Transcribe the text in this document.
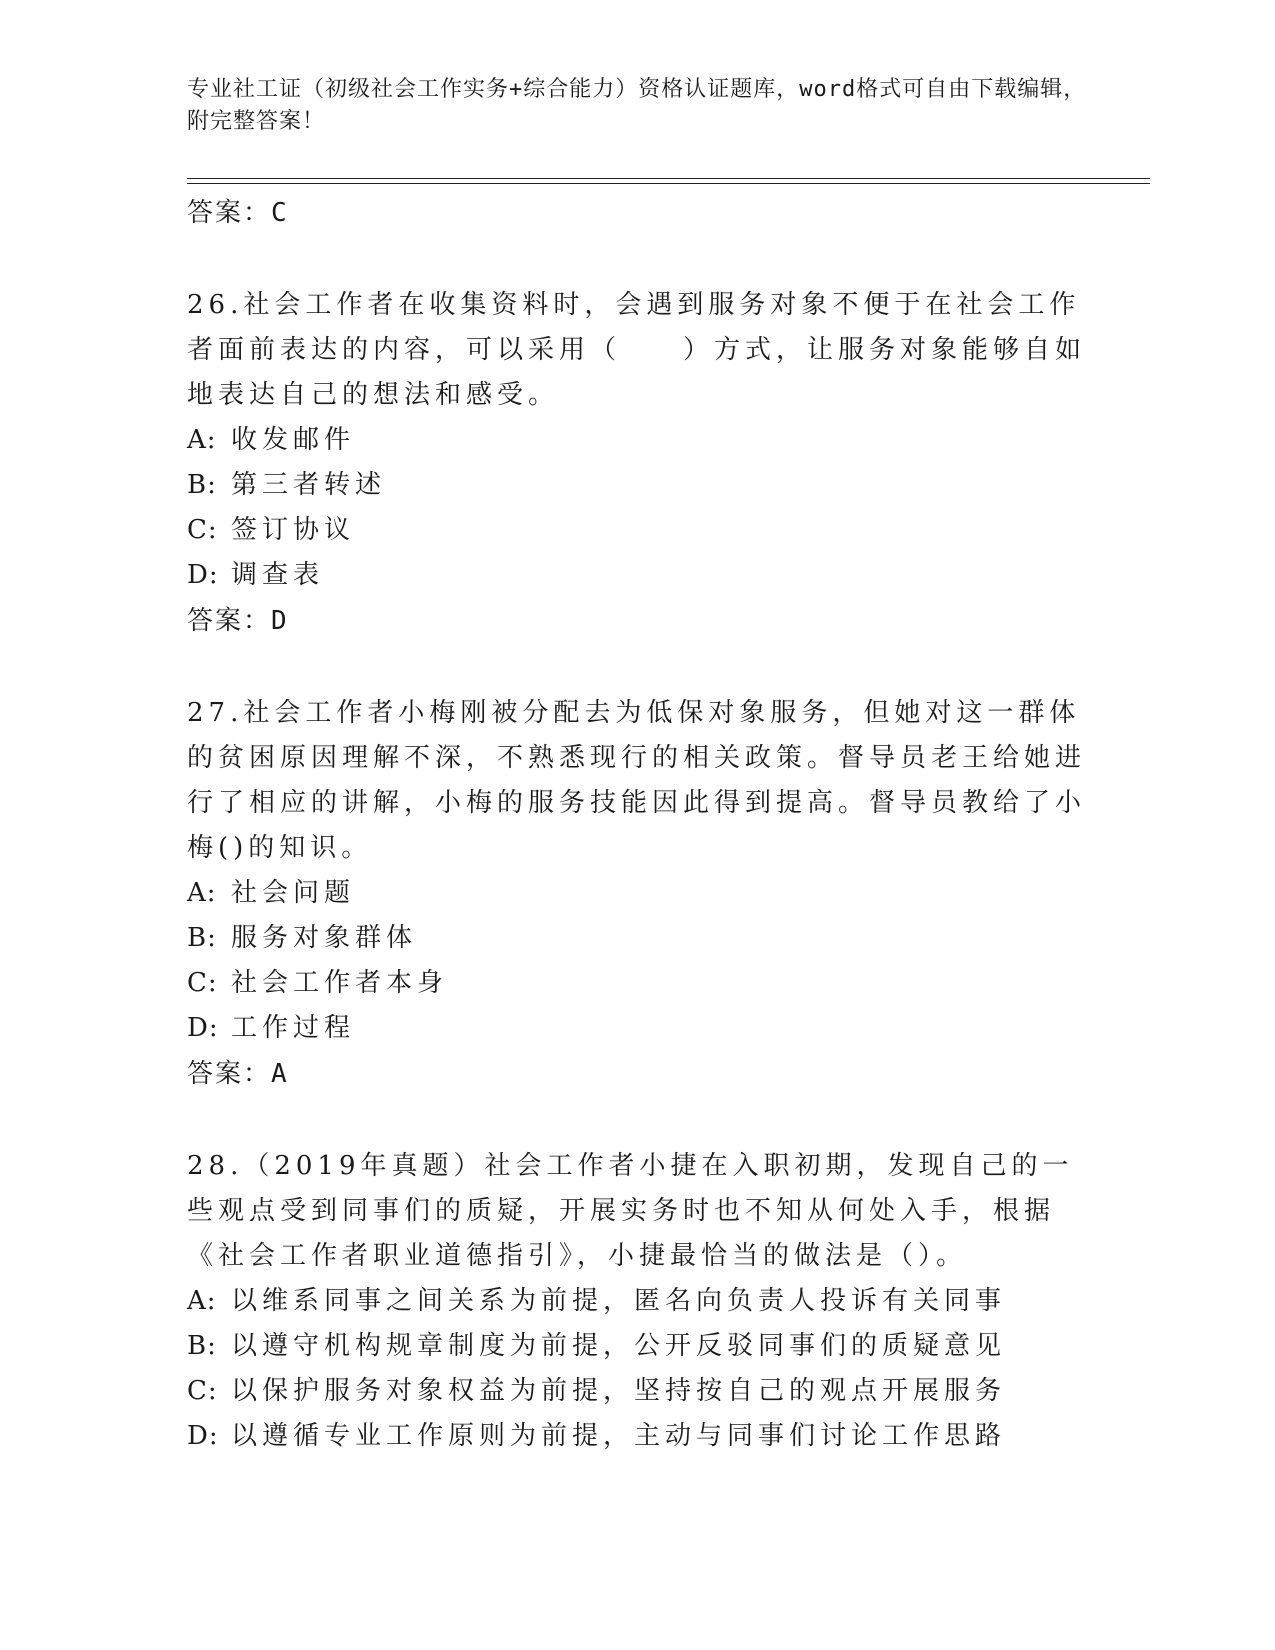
专业社工证（初级社会工作实务+综合能力）资格认证题库，word格式可自由下载编辑，附完整答案！
答案：C
26.社会工作者在收集资料时，会遇到服务对象不便于在社会工作者面前表达的内容，可以采用（　　）方式，让服务对象能够自如地表达自己的想法和感受。
A: 收发邮件
B: 第三者转述
C: 签订协议
D: 调查表
答案：D
27.社会工作者小梅刚被分配去为低保对象服务，但她对这一群体的贫困原因理解不深，不熟悉现行的相关政策。督导员老王给她进行了相应的讲解，小梅的服务技能因此得到提高。督导员教给了小梅()的知识。
A: 社会问题
B: 服务对象群体
C: 社会工作者本身
D: 工作过程
答案：A
28.（2019年真题）社会工作者小捷在入职初期，发现自己的一些观点受到同事们的质疑，开展实务时也不知从何处入手，根据《社会工作者职业道德指引》，小捷最恰当的做法是（）。
A: 以维系同事之间关系为前提，匿名向负责人投诉有关同事
B: 以遵守机构规章制度为前提，公开反驳同事们的质疑意见
C: 以保护服务对象权益为前提，坚持按自己的观点开展服务
D: 以遵循专业工作原则为前提，主动与同事们讨论工作思路
